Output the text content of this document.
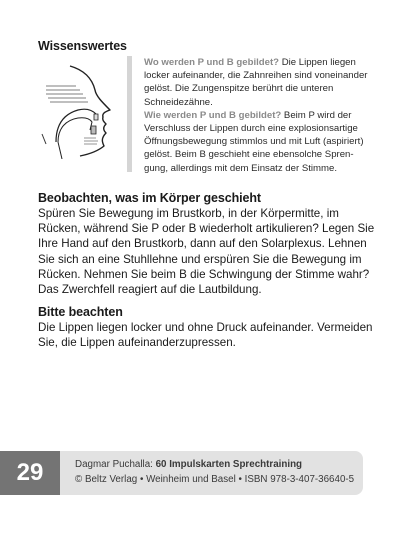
Wissenswertes

Wo werden P und B gebildet? Die Lippen liegen locker aufeinander, die Zahnreihen sind voneinander gelöst. Die Zungenspitze berührt die unteren Schneidezähne.

Wie werden P und B gebildet? Beim P wird der Verschluss der Lippen durch eine explosionsartige Öffnungsbewegung stimmlos und mit Luft (aspiriert) gelöst. Beim B geschieht eine ebensolche Sprengung, allerdings mit dem Einsatz der Stimme.

Beobachten, was im Körper geschieht

Spüren Sie Bewegung im Brustkorb, in der Körpermitte, im Rücken, während Sie P oder B wiederholt artikulieren? Legen Sie Ihre Hand auf den Brustkorb, dann auf den Solarplexus. Lehnen Sie sich an eine Stuhllehne und erspüren Sie die Bewegung im Rücken. Nehmen Sie beim B die Schwingung der Stimme wahr? Das Zwerchfell reagiert auf die Lautbildung.

Bitte beachten

Die Lippen liegen locker und ohne Druck aufeinander. Vermeiden Sie, die Lippen aufeinanderzupressen.

29	Dagmar Puchalla: 60 Impulskarten Sprechtraining
© Beltz Verlag • Weinheim und Basel • ISBN 978-3-407-36640-5
